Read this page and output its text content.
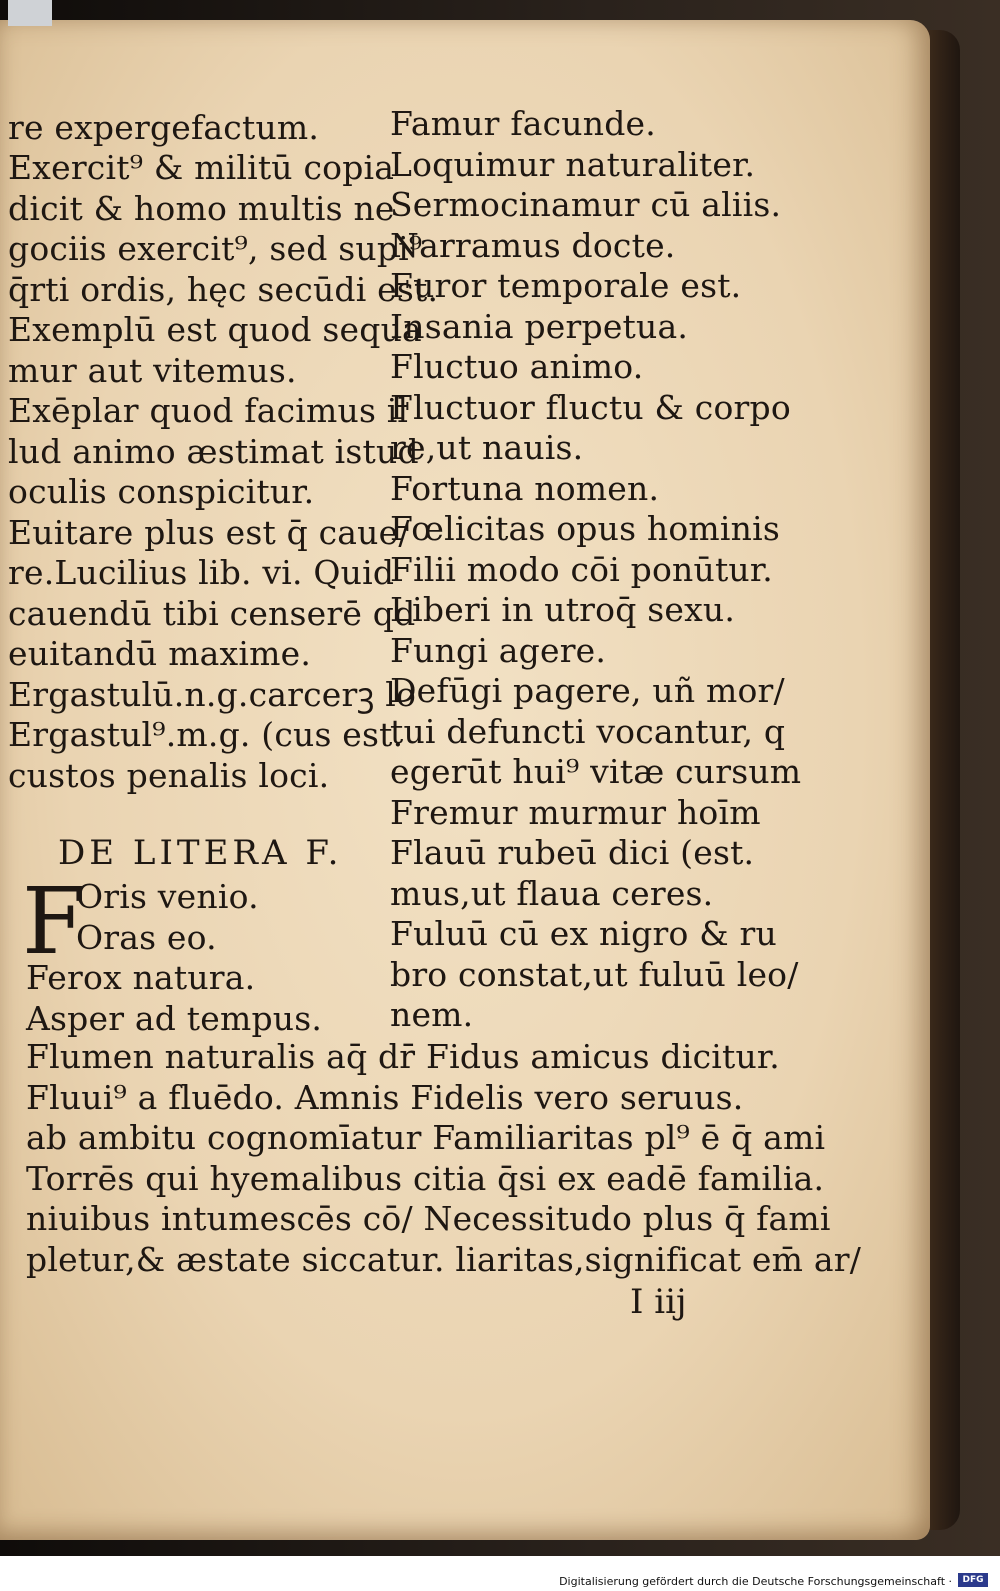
re expergefactum.
Exercit⁹ & militū copia
dicit & homo multis ne
gociis exercit⁹, sed supi⁹
q̄rti ordis, hęc secūdi est.
Exemplū est quod sequa
mur aut vitemus.
Exēplar quod facimus il
lud animo æstimat istud
oculis conspicitur.
Euitare plus est q̄ caue/
re.Lucilius lib. vi. Quid
cauendū tibi censerē qd
euitandū maxime.
Ergastulū.n.g.carcerꝫ lo
Ergastul⁹.m.g. (cus est.
custos penalis loci.
Famur facunde.
Loquimur naturaliter.
Sermocinamur cū aliis.
Narramus docte.
Furor temporale est.
Insania perpetua.
Fluctuo animo.
Fluctuor fluctu & corpo
re,ut nauis.
Fortuna nomen.
Fœlicitas opus hominis
Filii modo cōi ponūtur.
Liberi in utroq̄ sexu.
Fungi agere.
Defūgi pagere, uñ mor/
tui defuncti vocantur, q
egerūt hui⁹ vitæ cursum
Fremur murmur hoīm
Flauū rubeū dici (est.
mus,ut flaua ceres.
Fuluū cū ex nigro & ru
bro constat,ut fuluū leo/
nem.
DE LITERA F.
F
Oris venio.
Oras eo.
Ferox natura.
Asper ad tempus.
Flumen naturalis aq̄ dr̄ Fidus amicus dicitur.
Fluui⁹ a fluēdo. Amnis Fidelis vero seruus.
ab ambitu cognomīatur Familiaritas pl⁹ ē q̄ ami
Torrēs qui hyemalibus citia q̄si ex eadē familia.
niuibus intumescēs cō/ Necessitudo plus q̄ fami
pletur,& æstate siccatur. liaritas,significat em̄ ar/
I iij
Digitalisierung gefördert durch die Deutsche Forschungsgemeinschaft ·	DFG
